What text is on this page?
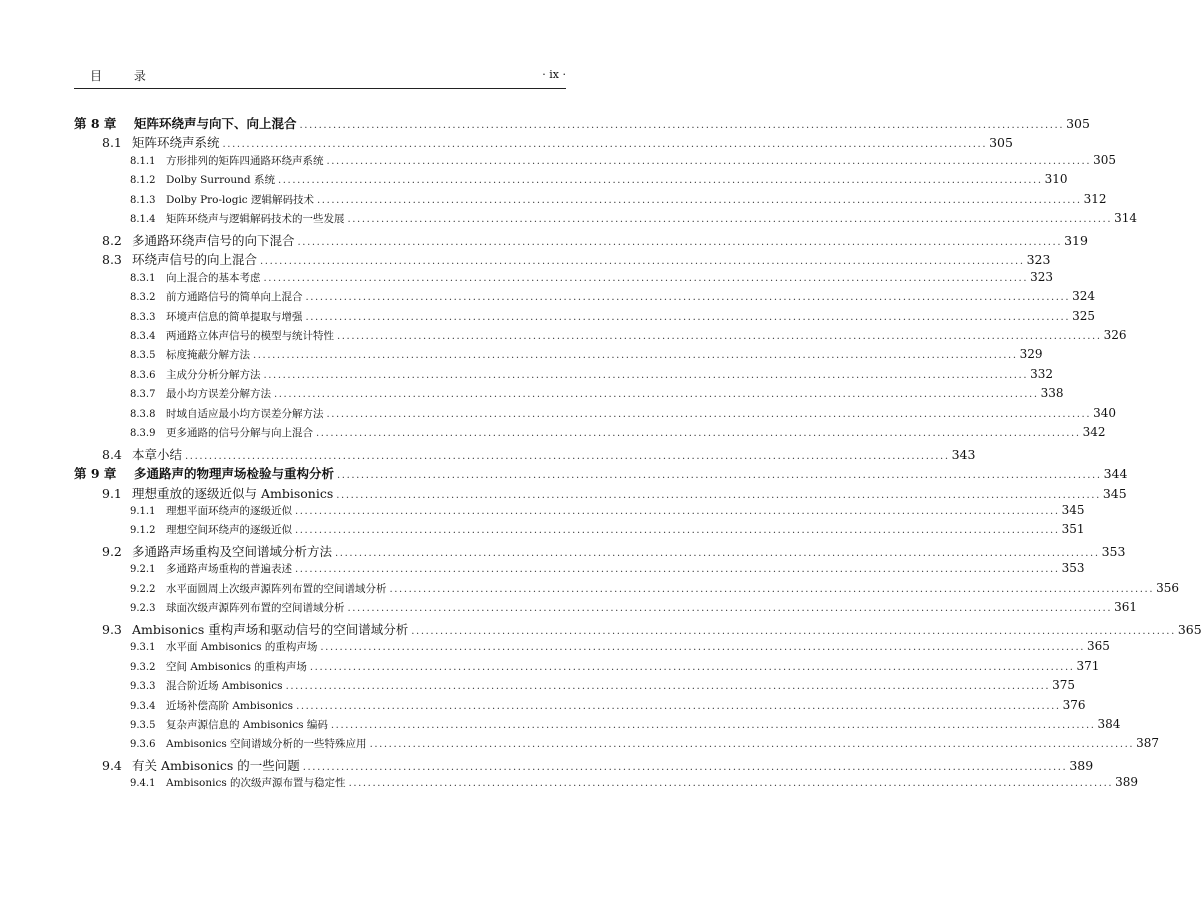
目 录	· ix ·
第 8 章	矩阵环绕声与向下、向上混合 ................................................................................................................................................................ 305
8.1 矩阵环绕声系统 ................................................................................................................................................................ 305
8.1.1	方形排列的矩阵四通路环绕声系统 ................................................................................................................................................................ 305
8.1.2	Dolby Surround 系统 ................................................................................................................................................................ 310
8.1.3	Dolby Pro-logic 逻辑解码技术 ................................................................................................................................................................ 312
8.1.4	矩阵环绕声与逻辑解码技术的一些发展 ................................................................................................................................................................ 314
8.2 多通路环绕声信号的向下混合 ................................................................................................................................................................ 319
8.3 环绕声信号的向上混合 ................................................................................................................................................................ 323
8.3.1	向上混合的基本考虑 ................................................................................................................................................................ 323
8.3.2	前方通路信号的简单向上混合 ................................................................................................................................................................ 324
8.3.3	环境声信息的简单提取与增强 ................................................................................................................................................................ 325
8.3.4	两通路立体声信号的模型与统计特性 ................................................................................................................................................................ 326
8.3.5	标度掩蔽分解方法 ................................................................................................................................................................ 329
8.3.6	主成分分析分解方法 ................................................................................................................................................................ 332
8.3.7	最小均方误差分解方法 ................................................................................................................................................................ 338
8.3.8	时域自适应最小均方误差分解方法 ................................................................................................................................................................ 340
8.3.9	更多通路的信号分解与向上混合 ................................................................................................................................................................ 342
8.4 本章小结 ................................................................................................................................................................ 343
第 9 章	多通路声的物理声场检验与重构分析 ................................................................................................................................................................ 344
9.1 理想重放的逐级近似与 Ambisonics ................................................................................................................................................................ 345
9.1.1	理想平面环绕声的逐级近似 ................................................................................................................................................................ 345
9.1.2	理想空间环绕声的逐级近似 ................................................................................................................................................................ 351
9.2 多通路声场重构及空间谱域分析方法 ................................................................................................................................................................ 353
9.2.1	多通路声场重构的普遍表述 ................................................................................................................................................................ 353
9.2.2	水平面圆周上次级声源阵列布置的空间谱域分析 ................................................................................................................................................................ 356
9.2.3	球面次级声源阵列布置的空间谱域分析 ................................................................................................................................................................ 361
9.3 Ambisonics 重构声场和驱动信号的空间谱域分析 ................................................................................................................................................................ 365
9.3.1	水平面 Ambisonics 的重构声场 ................................................................................................................................................................ 365
9.3.2	空间 Ambisonics 的重构声场 ................................................................................................................................................................ 371
9.3.3	混合阶近场 Ambisonics ................................................................................................................................................................ 375
9.3.4	近场补偿高阶 Ambisonics ................................................................................................................................................................ 376
9.3.5	复杂声源信息的 Ambisonics 编码 ................................................................................................................................................................ 384
9.3.6	Ambisonics 空间谱域分析的一些特殊应用 ................................................................................................................................................................ 387
9.4 有关 Ambisonics 的一些问题 ................................................................................................................................................................ 389
9.4.1	Ambisonics 的次级声源布置与稳定性 ................................................................................................................................................................ 389
